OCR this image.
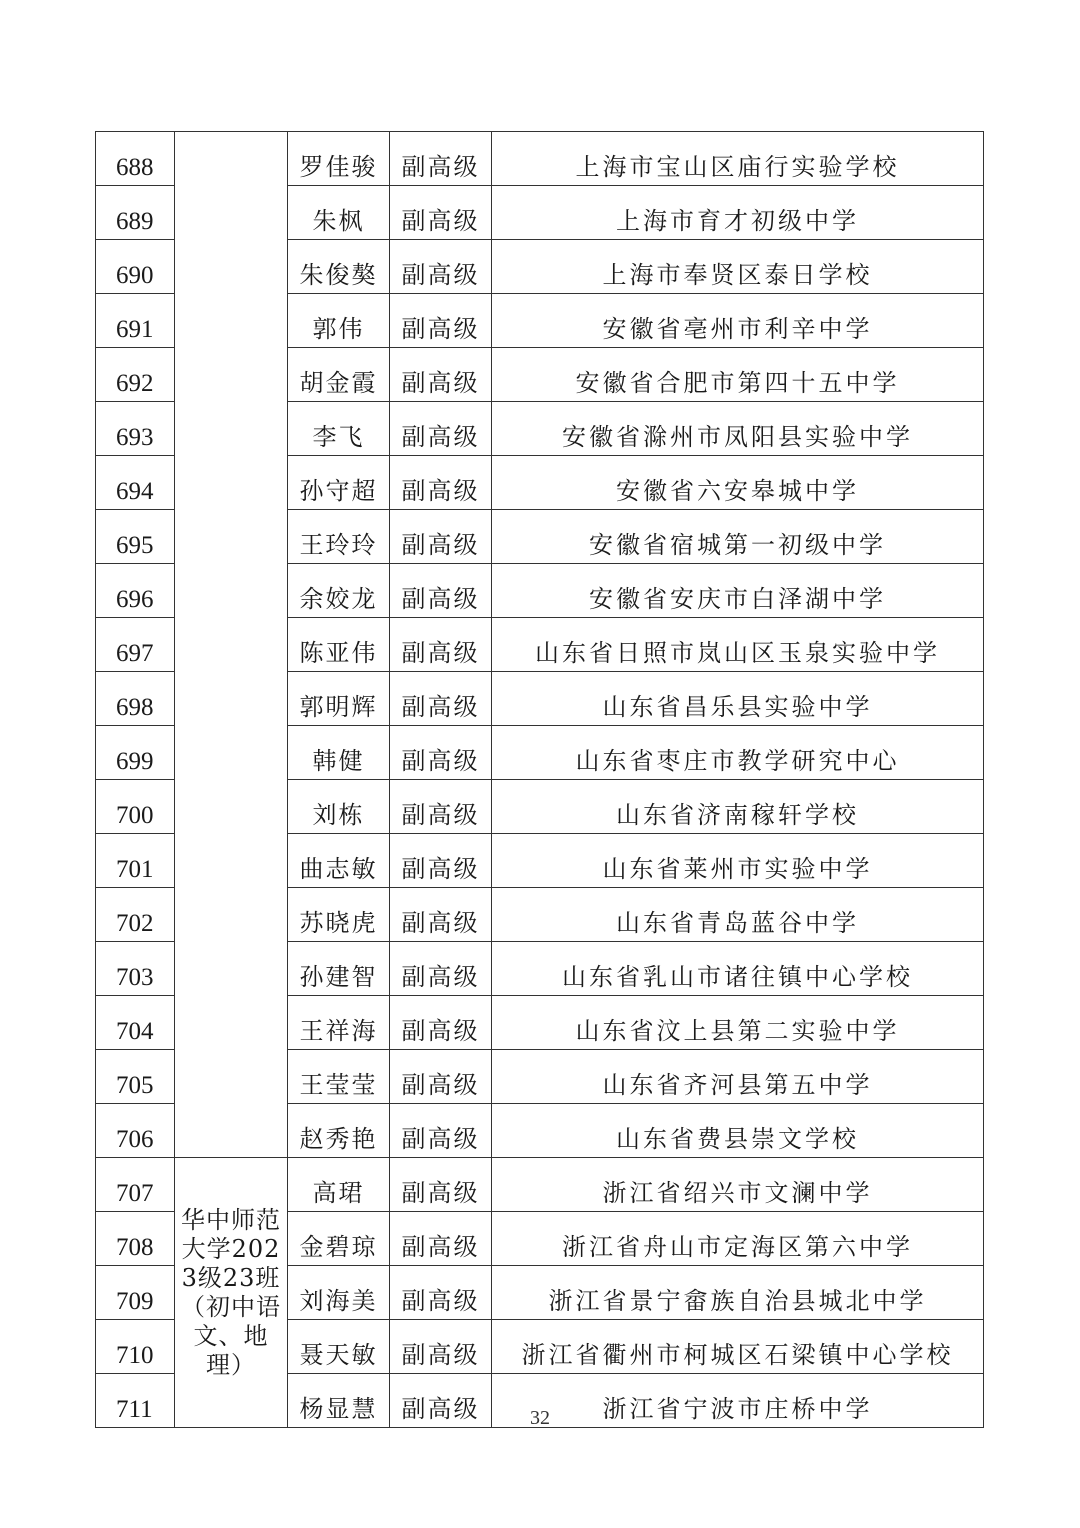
688		罗佳骏	副高级	上海市宝山区庙行实验学校
689		朱枫	副高级	上海市育才初级中学
690		朱俊獒	副高级	上海市奉贤区泰日学校
691		郭伟	副高级	安徽省亳州市利辛中学
692		胡金霞	副高级	安徽省合肥市第四十五中学
693		李飞	副高级	安徽省滁州市凤阳县实验中学
694		孙守超	副高级	安徽省六安皋城中学
695		王玲玲	副高级	安徽省宿城第一初级中学
696		余姣龙	副高级	安徽省安庆市白泽湖中学
697		陈亚伟	副高级	山东省日照市岚山区玉泉实验中学
698		郭明辉	副高级	山东省昌乐县实验中学
699		韩健	副高级	山东省枣庄市教学研究中心
700		刘栋	副高级	山东省济南稼轩学校
701		曲志敏	副高级	山东省莱州市实验中学
702		苏晓虎	副高级	山东省青岛蓝谷中学
703		孙建智	副高级	山东省乳山市诸往镇中心学校
704		王祥海	副高级	山东省汶上县第二实验中学
705		王莹莹	副高级	山东省齐河县第五中学
706		赵秀艳	副高级	山东省费县崇文学校
707	华中师范大学2023级23班（初中语文、地理）	高珺	副高级	浙江省绍兴市文澜中学
708		金碧琼	副高级	浙江省舟山市定海区第六中学
709		刘海美	副高级	浙江省景宁畲族自治县城北中学
710		聂天敏	副高级	浙江省衢州市柯城区石梁镇中心学校
711		杨显慧	副高级	浙江省宁波市庄桥中学
32
